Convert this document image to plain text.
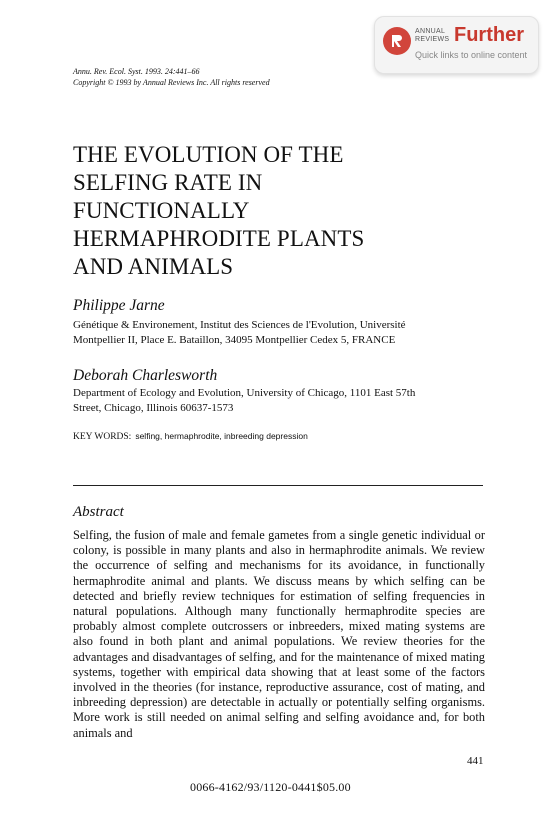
ANNUAL
REVIEWS Further
Quick links to online content
Annu. Rev. Ecol. Syst. 1993. 24:441–66
Copyright © 1993 by Annual Reviews Inc. All rights reserved
THE EVOLUTION OF THE
SELFING RATE IN
FUNCTIONALLY
HERMAPHRODITE PLANTS
AND ANIMALS
Philippe Jarne
Génétique & Environement, Institut des Sciences de l'Evolution, Université
Montpellier II, Place E. Bataillon, 34095 Montpellier Cedex 5, FRANCE
Deborah Charlesworth
Department of Ecology and Evolution, University of Chicago, 1101 East 57th
Street, Chicago, Illinois 60637-1573
KEY WORDS: selfing, hermaphrodite, inbreeding depression
Abstract
Selfing, the fusion of male and female gametes from a single genetic individual or colony, is possible in many plants and also in hermaphrodite animals. We review the occurrence of selfing and mechanisms for its avoidance, in functionally hermaphrodite animal and plants. We discuss means by which selfing can be detected and briefly review techniques for estimation of selfing frequencies in natural populations. Although many functionally hermaphrodite species are probably almost complete outcrossers or inbreeders, mixed mating systems are also found in both plant and animal populations. We review theories for the advantages and disadvantages of selfing, and for the maintenance of mixed mating systems, together with empirical data showing that at least some of the factors involved in the theories (for instance, reproductive assurance, cost of mating, and inbreeding depression) are detectable in actually or potentially selfing organisms. More work is still needed on animal selfing and selfing avoidance and, for both animals and
441
0066-4162/93/1120-0441$05.00
